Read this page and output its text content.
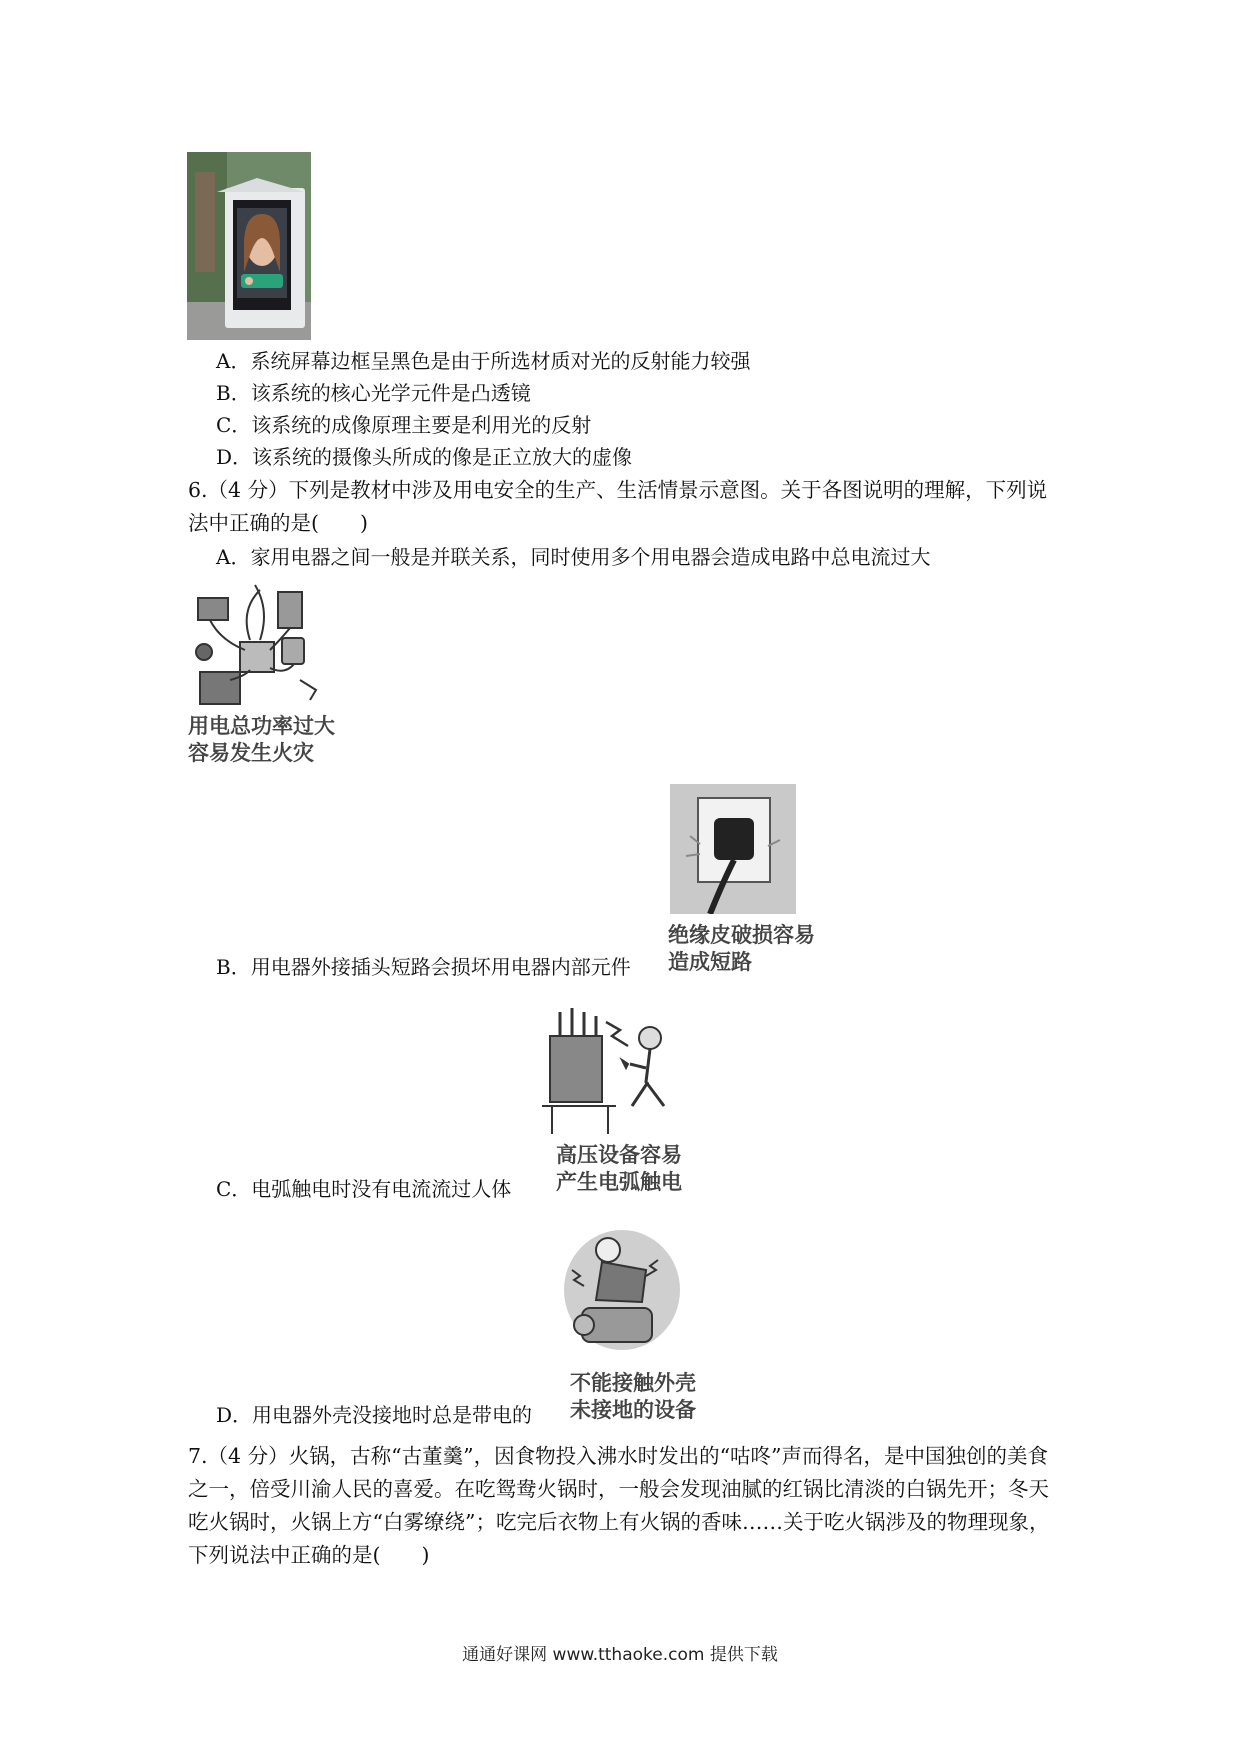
A．系统屏幕边框呈黑色是由于所选材质对光的反射能力较强
B．该系统的核心光学元件是凸透镜
C．该系统的成像原理主要是利用光的反射
D．该系统的摄像头所成的像是正立放大的虚像
6.（4 分）下列是教材中涉及用电安全的生产、生活情景示意图。关于各图说明的理解，下列说法中正确的是(　　)
A．家用电器之间一般是并联关系，同时使用多个用电器会造成电路中总电流过大
用电总功率过大
容易发生火灾
绝缘皮破损容易
造成短路
B．用电器外接插头短路会损坏用电器内部元件
高压设备容易
产生电弧触电
C．电弧触电时没有电流流过人体
不能接触外壳
未接地的设备
D．用电器外壳没接地时总是带电的
7.（4 分）火锅，古称“古董羹”，因食物投入沸水时发出的“咕咚”声而得名，是中国独创的美食之一，倍受川渝人民的喜爱。在吃鸳鸯火锅时，一般会发现油腻的红锅比清淡的白锅先开；冬天吃火锅时，火锅上方“白雾缭绕”；吃完后衣物上有火锅的香味……关于吃火锅涉及的物理现象，下列说法中正确的是(　　)
通通好课网 www.tthaoke.com 提供下载
